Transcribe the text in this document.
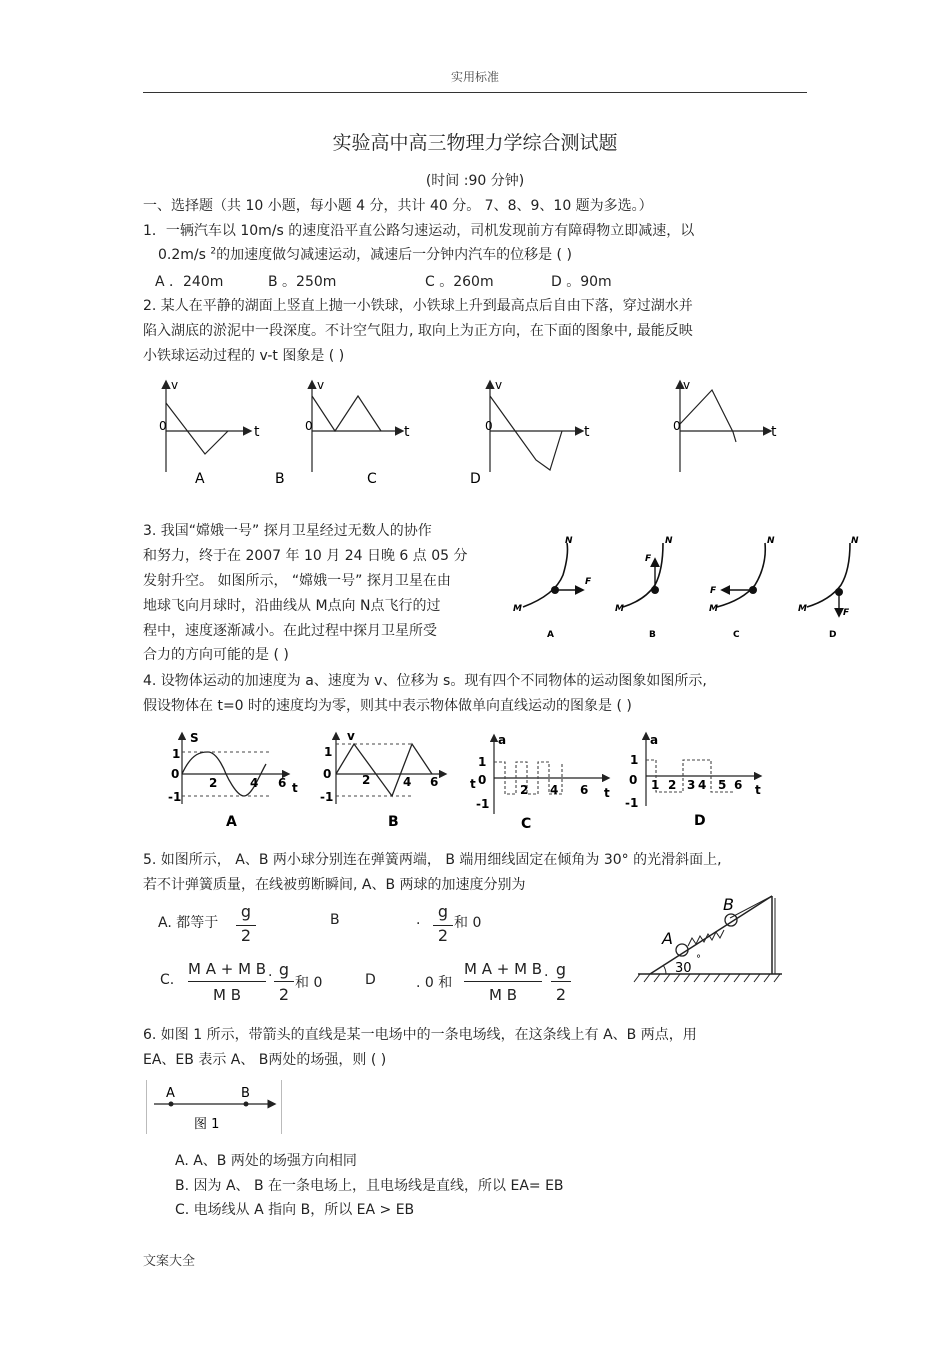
实用标准
实验高中高三物理力学综合测试题
(时间 :90 分钟)
一、选择题（共 10 小题，每小题 4 分，共计 40 分。 7、8、9、10 题为多选。）
1．一辆汽车以 10m/s 的速度沿平直公路匀速运动，司机发现前方有障碍物立即减速，以
0.2m/s $^2$的加速度做匀减速运动，减速后一分钟内汽车的位移是 ( )
A ．240m	B 。250m	C 。260m	D 。90m
2. 某人在平静的湖面上竖直上抛一小铁球，小铁球上升到最高点后自由下落，穿过湖水并
陷入湖底的淤泥中一段深度。不计空气阻力, 取向上为正方向，在下面的图象中, 最能反映
小铁球运动过程的 v-t 图象是 ( )
v
t
0
v
t
0
v
t
0
v
t
0
A	B	C	D
3. 我国“嫦娥一号” 探月卫星经过无数人的协作
和努力，终于在 2007 年 10 月 24 日晚 6 点 05 分
发射升空。 如图所示， “嫦娥一号” 探月卫星在由
地球飞向月球时，沿曲线从 M点向 N点飞行的过
程中，速度逐渐减小。在此过程中探月卫星所受
合力的方向可能的是 ( )
F
N
M
A
F
N
M
B
F
N
M
C
F
N
M
D
4. 设物体运动的加速度为 a、速度为 v、位移为 s。现有四个不同物体的运动图象如图所示,
假设物体在 t=0 时的速度均为零，则其中表示物体做单向直线运动的图象是 ( )
S
1
0
-1
2	4 6 t
A
v
1
0
-1
2	4 6
B
a
1
0
t
-1
2 4 6 t
C
a
1
0
-1
1 2 3 4 5 6 t
D
5. 如图所示， A、B 两小球分别连在弹簧两端， B 端用细线固定在倾角为 30° 的光滑斜面上,
若不计弹簧质量，在线被剪断瞬间, A、B 两球的加速度分别为
A. 都等于
g
2
B	. g
2
和 0
C.
M A + M B
M B
. g
2
和 0	D	. 0 和
M A + M B
M B
. g
2
A
B
30
°
6. 如图 1 所示，带箭头的直线是某一电场中的一条电场线，在这条线上有 A、B 两点，用
EA、EB 表示 A、 B两处的场强，则 ( )
A	B
图 1
A. A、B 两处的场强方向相同
B. 因为 A、 B 在一条电场上，且电场线是直线，所以 EA= EB
C. 电场线从 A 指向 B，所以 EA > EB
文案大全
